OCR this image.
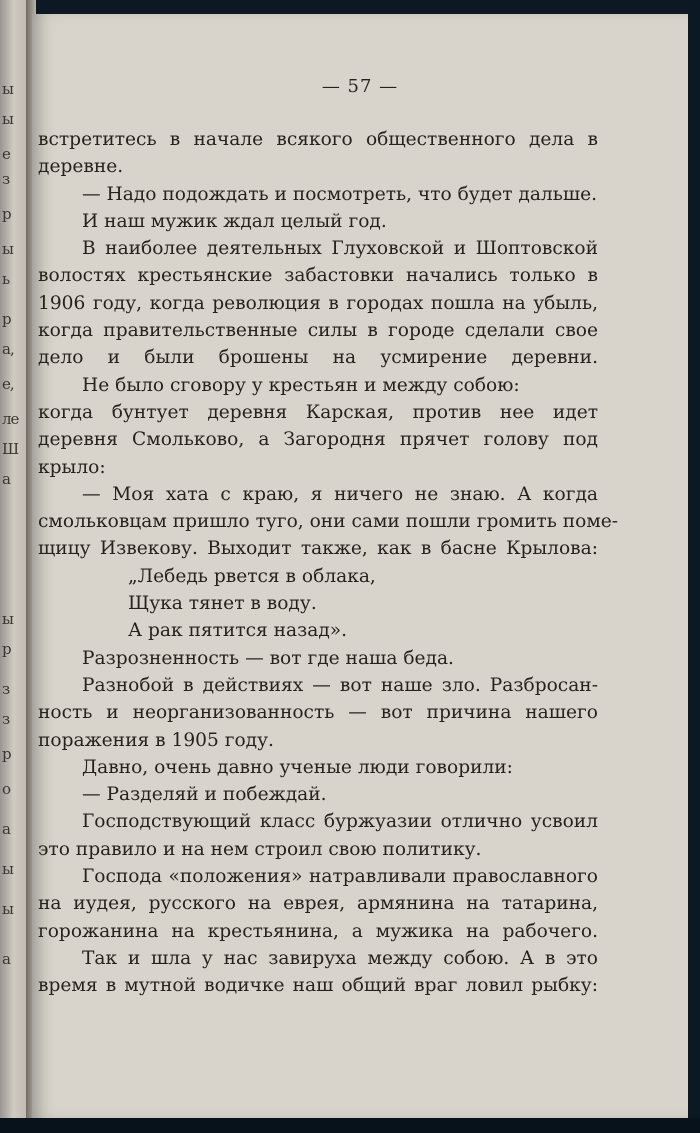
ы
ы
е
з
р
ы
ь
р
а,
е,
ле
Ш
а
ы
р
з
з
р
о
а
ы
ы
а
— 57 —
встретитесь в начале всякого общественного дела в
деревне.
— Надо подождать и посмотреть, что будет дальше.
И наш мужик ждал целый год.
В наиболее деятельных Глуховской и Шоптовской
волостях крестьянские забастовки начались только в
1906 году, когда революция в городах пошла на убыль,
когда правительственные силы в городе сделали свое
дело и были брошены на усмирение деревни.
Не было сговору у крестьян и между собою:
когда бунтует деревня Карская, против нее идет
деревня Смольково, а Загородня прячет голову под
крыло:
— Моя хата с краю, я ничего не знаю. А когда
смольковцам пришло туго, они сами пошли громить поме-
щицу Извекову. Выходит также, как в басне Крылова:
„Лебедь рвется в облака,
Щука тянет в воду.
А рак пятится назад».
Разрозненность — вот где наша беда.
Разнобой в действиях — вот наше зло. Разбросан-
ность и неорганизованность — вот причина нашего
поражения в 1905 году.
Давно, очень давно ученые люди говорили:
— Разделяй и побеждай.
Господствующий класс буржуазии отлично усвоил
это правило и на нем строил свою политику.
Господа «положения» натравливали православного
на иудея, русского на еврея, армянина на татарина,
горожанина на крестьянина, а мужика на рабочего.
Так и шла у нас завируха между собою. А в это
время в мутной водичке наш общий враг ловил рыбку:
